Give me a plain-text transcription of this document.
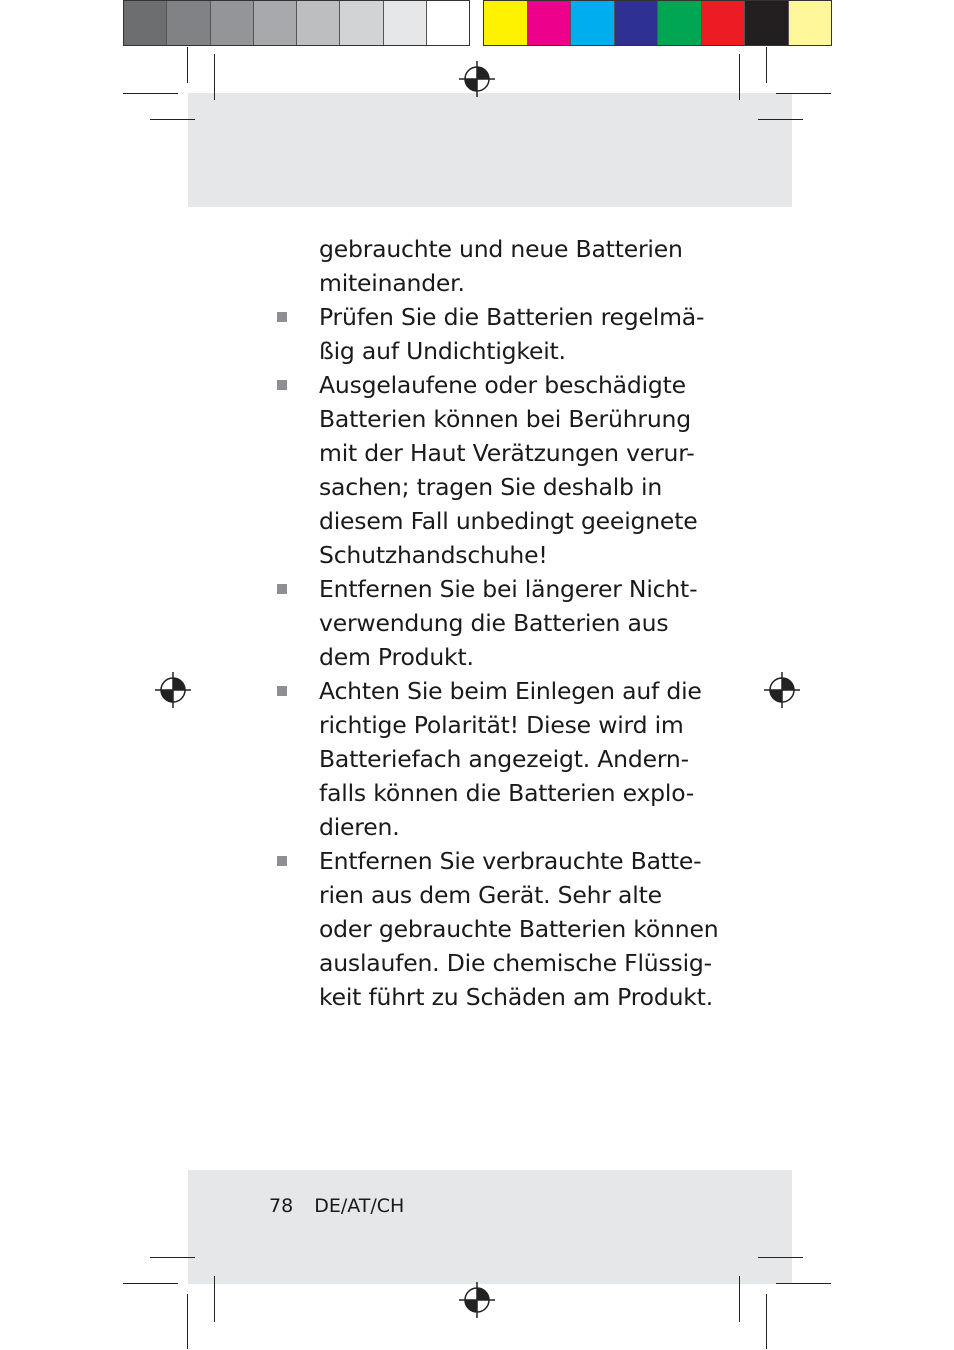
gebrauchte und neue Batterien
miteinander.
Prüfen Sie die Batterien regelmä-
ßig auf Undichtigkeit.
Ausgelaufene oder beschädigte
Batterien können bei Berührung
mit der Haut Verätzungen verur-
sachen; tragen Sie deshalb in
diesem Fall unbedingt geeignete
Schutzhandschuhe!
Entfernen Sie bei längerer Nicht-
verwendung die Batterien aus
dem Produkt.
Achten Sie beim Einlegen auf die
richtige Polarität! Diese wird im
Batteriefach angezeigt. Andern-
falls können die Batterien explo-
dieren.
Entfernen Sie verbrauchte Batte-
rien aus dem Gerät. Sehr alte
oder gebrauchte Batterien können
auslaufen. Die chemische Flüssig-
keit führt zu Schäden am Produkt.
78 DE/AT/CH
